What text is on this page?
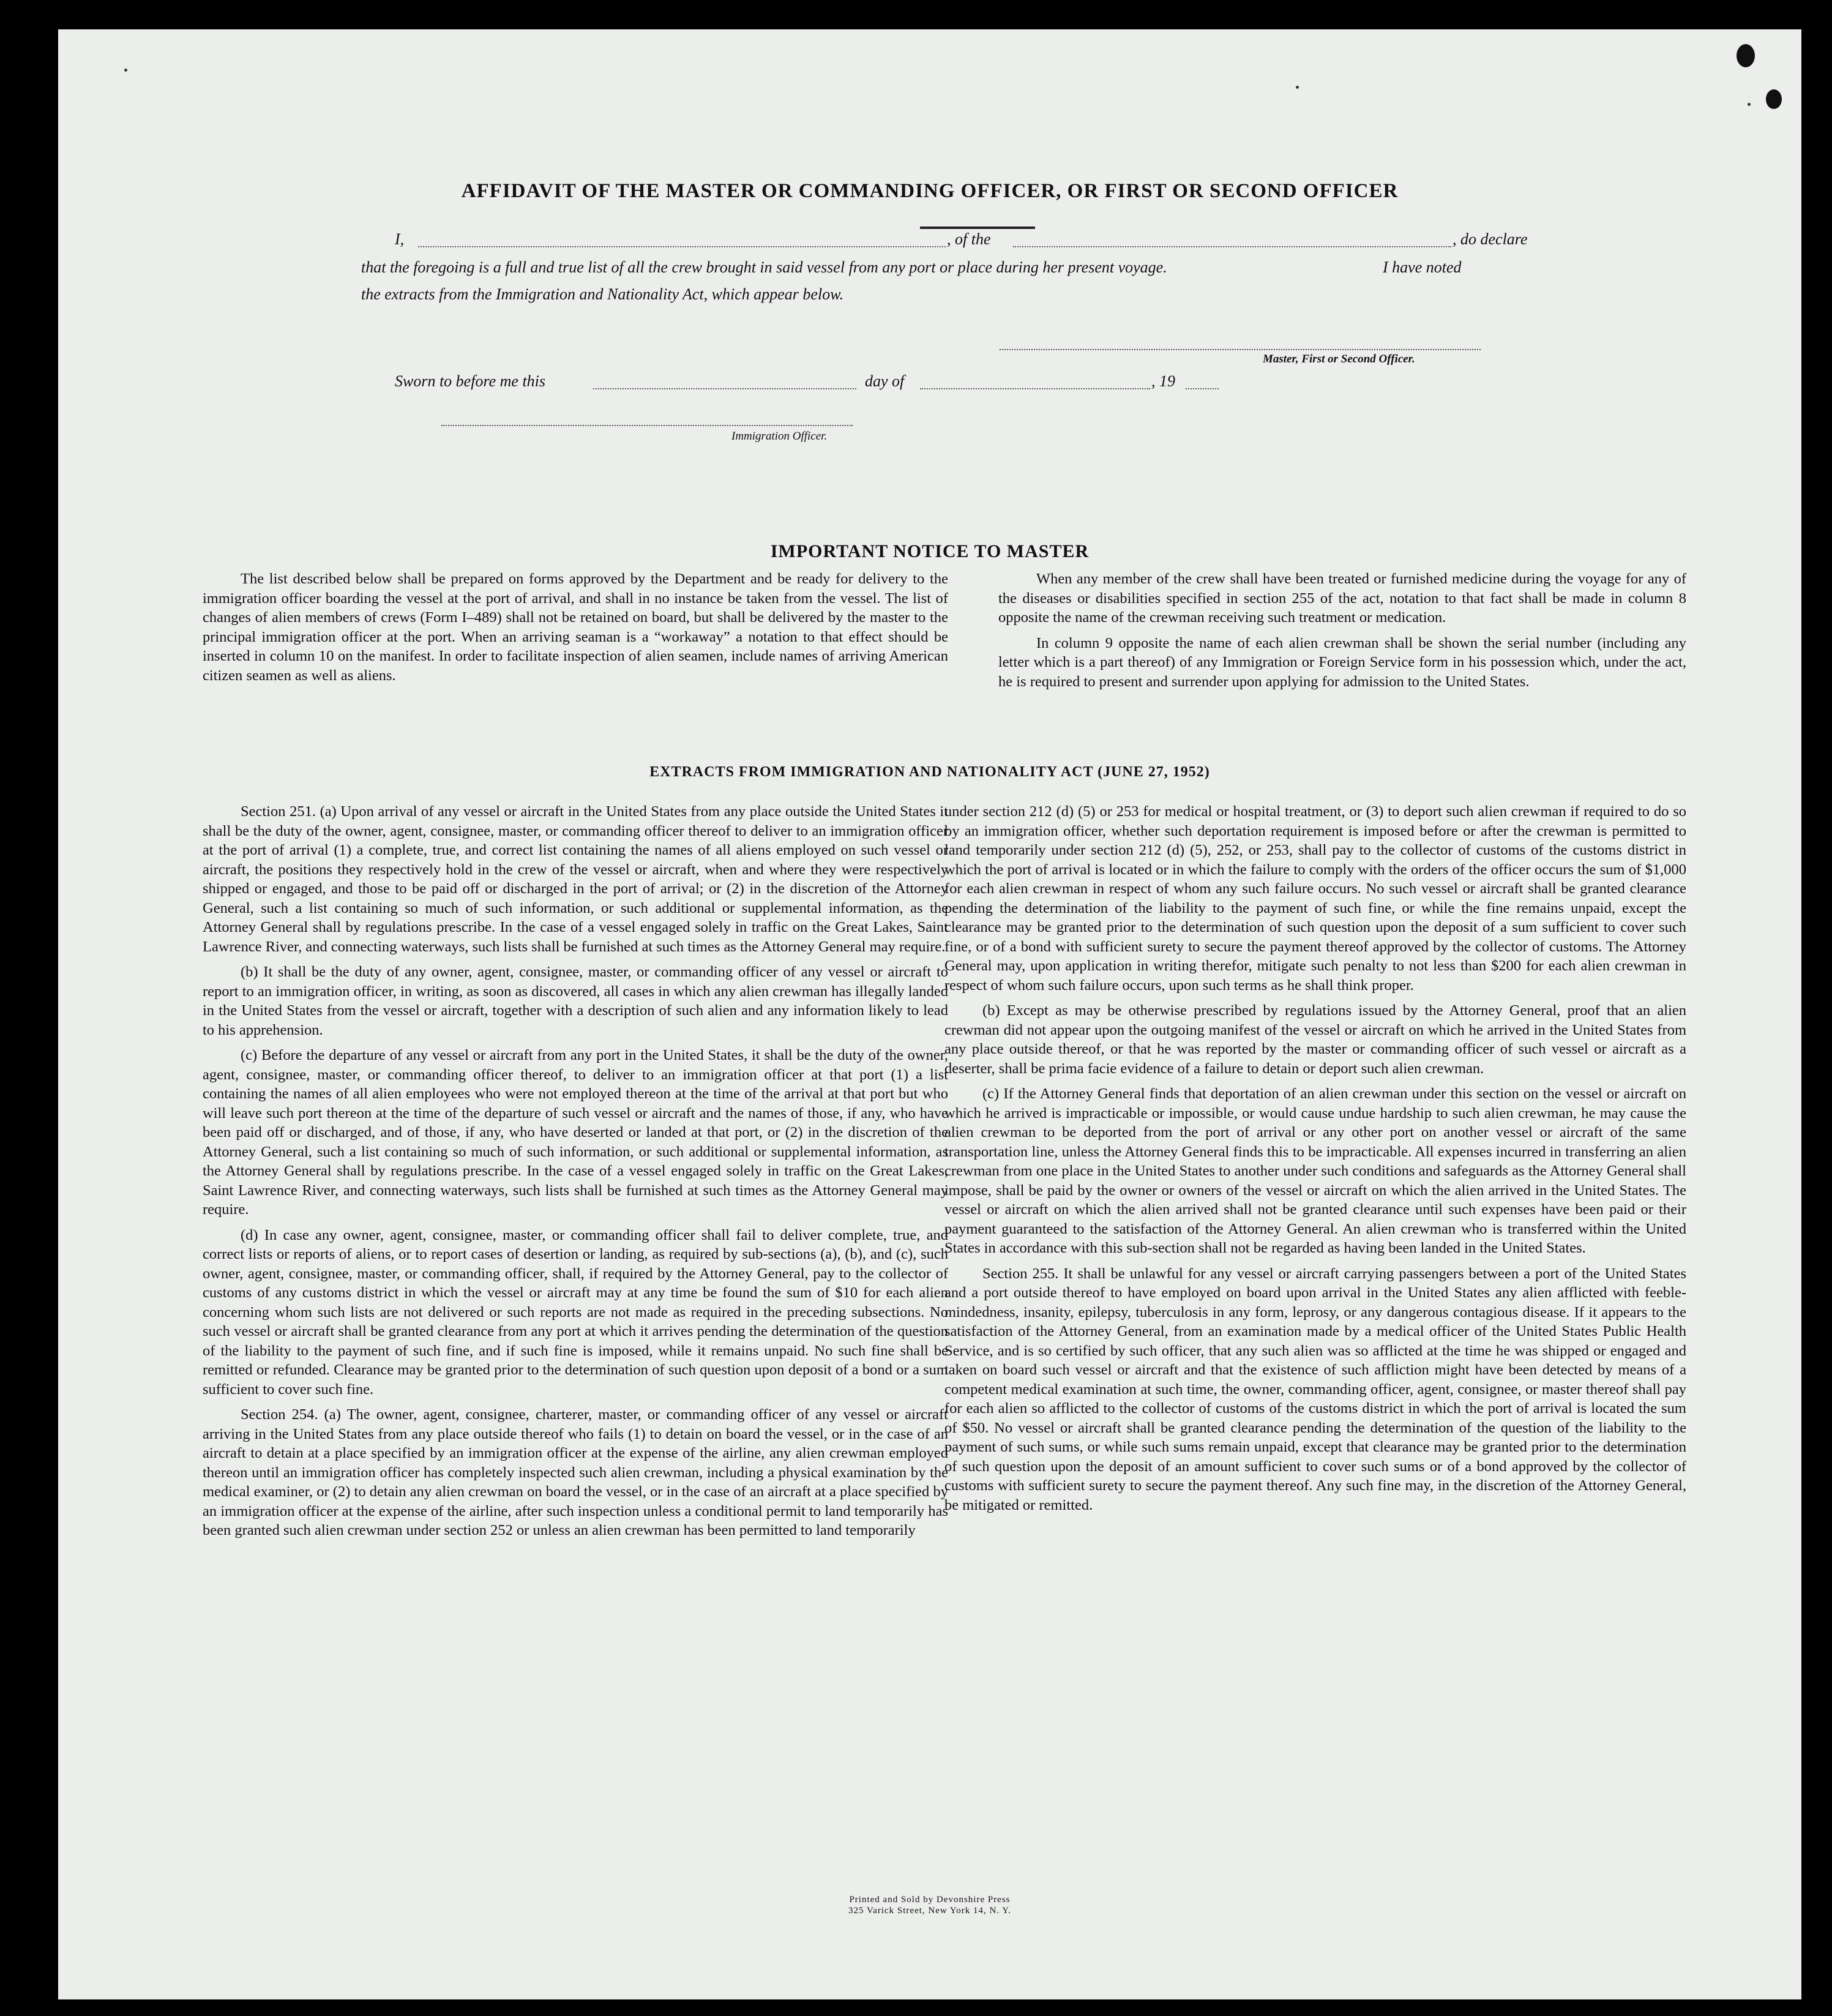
AFFIDAVIT OF THE MASTER OR COMMANDING OFFICER, OR FIRST OR SECOND OFFICER
I,	, of the	, do declare
that the foregoing is a full and true list of all the crew brought in said vessel from any port or place during her present voyage.	I have noted
the extracts from the Immigration and Nationality Act, which appear below.
Master, First or Second Officer.
Sworn to before me this	day of	, 19
Immigration Officer.
IMPORTANT NOTICE TO MASTER

The list described below shall be prepared on forms approved by the Department and be ready for delivery to the immigration officer boarding the vessel at the port of arrival, and shall in no instance be taken from the vessel. The list of changes of alien members of crews (Form I–489) shall not be retained on board, but shall be delivered by the master to the principal immigration officer at the port. When an arriving seaman is a “workaway” a notation to that effect should be inserted in column 10 on the manifest. In order to facilitate inspection of alien seamen, include names of arriving American citizen seamen as well as aliens.

When any member of the crew shall have been treated or furnished medicine during the voyage for any of the diseases or disabilities specified in section 255 of the act, notation to that fact shall be made in column 8 opposite the name of the crewman receiving such treatment or medication.

In column 9 opposite the name of each alien crewman shall be shown the serial number (including any letter which is a part thereof) of any Immigration or Foreign Service form in his possession which, under the act, he is required to present and surrender upon applying for admission to the United States.

EXTRACTS FROM IMMIGRATION AND NATIONALITY ACT (JUNE 27, 1952)

Section 251. (a) Upon arrival of any vessel or aircraft in the United States from any place outside the United States it shall be the duty of the owner, agent, consignee, master, or commanding officer thereof to deliver to an immigration officer at the port of arrival (1) a complete, true, and correct list containing the names of all aliens employed on such vessel or aircraft, the positions they respectively hold in the crew of the vessel or aircraft, when and where they were respectively shipped or engaged, and those to be paid off or discharged in the port of arrival; or (2) in the discretion of the Attorney General, such a list containing so much of such information, or such additional or supplemental information, as the Attorney General shall by regulations prescribe. In the case of a vessel engaged solely in traffic on the Great Lakes, Saint Lawrence River, and connecting waterways, such lists shall be furnished at such times as the Attorney General may require.

(b) It shall be the duty of any owner, agent, consignee, master, or commanding officer of any vessel or aircraft to report to an immigration officer, in writing, as soon as discovered, all cases in which any alien crewman has illegally landed in the United States from the vessel or aircraft, together with a description of such alien and any information likely to lead to his apprehension.

(c) Before the departure of any vessel or aircraft from any port in the United States, it shall be the duty of the owner, agent, consignee, master, or commanding officer thereof, to deliver to an immigration officer at that port (1) a list containing the names of all alien employees who were not employed thereon at the time of the arrival at that port but who will leave such port thereon at the time of the departure of such vessel or aircraft and the names of those, if any, who have been paid off or discharged, and of those, if any, who have deserted or landed at that port, or (2) in the discretion of the Attorney General, such a list containing so much of such information, or such additional or supplemental information, as the Attorney General shall by regulations prescribe. In the case of a vessel engaged solely in traffic on the Great Lakes, Saint Lawrence River, and connecting waterways, such lists shall be furnished at such times as the Attorney General may require.

(d) In case any owner, agent, consignee, master, or commanding officer shall fail to deliver complete, true, and correct lists or reports of aliens, or to report cases of desertion or landing, as required by sub-sections (a), (b), and (c), such owner, agent, consignee, master, or commanding officer, shall, if required by the Attorney General, pay to the collector of customs of any customs district in which the vessel or aircraft may at any time be found the sum of $10 for each alien concerning whom such lists are not delivered or such reports are not made as required in the preceding subsections. No such vessel or aircraft shall be granted clearance from any port at which it arrives pending the determination of the question of the liability to the payment of such fine, and if such fine is imposed, while it remains unpaid. No such fine shall be remitted or refunded. Clearance may be granted prior to the determination of such question upon deposit of a bond or a sum sufficient to cover such fine.

Section 254. (a) The owner, agent, consignee, charterer, master, or commanding officer of any vessel or aircraft arriving in the United States from any place outside thereof who fails (1) to detain on board the vessel, or in the case of an aircraft to detain at a place specified by an immigration officer at the expense of the airline, any alien crewman employed thereon until an immigration officer has completely inspected such alien crewman, including a physical examination by the medical examiner, or (2) to detain any alien crewman on board the vessel, or in the case of an aircraft at a place specified by an immigration officer at the expense of the airline, after such inspection unless a conditional permit to land temporarily has been granted such alien crewman under section 252 or unless an alien crewman has been permitted to land temporarily

under section 212 (d) (5) or 253 for medical or hospital treatment, or (3) to deport such alien crewman if required to do so by an immigration officer, whether such deportation requirement is imposed before or after the crewman is permitted to land temporarily under section 212 (d) (5), 252, or 253, shall pay to the collector of customs of the customs district in which the port of arrival is located or in which the failure to comply with the orders of the officer occurs the sum of $1,000 for each alien crewman in respect of whom any such failure occurs. No such vessel or aircraft shall be granted clearance pending the determination of the liability to the payment of such fine, or while the fine remains unpaid, except the clearance may be granted prior to the determination of such question upon the deposit of a sum sufficient to cover such fine, or of a bond with sufficient surety to secure the payment thereof approved by the collector of customs. The Attorney General may, upon application in writing therefor, mitigate such penalty to not less than $200 for each alien crewman in respect of whom such failure occurs, upon such terms as he shall think proper.

(b) Except as may be otherwise prescribed by regulations issued by the Attorney General, proof that an alien crewman did not appear upon the outgoing manifest of the vessel or aircraft on which he arrived in the United States from any place outside thereof, or that he was reported by the master or commanding officer of such vessel or aircraft as a deserter, shall be prima facie evidence of a failure to detain or deport such alien crewman.

(c) If the Attorney General finds that deportation of an alien crewman under this section on the vessel or aircraft on which he arrived is impracticable or impossible, or would cause undue hardship to such alien crewman, he may cause the alien crewman to be deported from the port of arrival or any other port on another vessel or aircraft of the same transportation line, unless the Attorney General finds this to be impracticable. All expenses incurred in transferring an alien crewman from one place in the United States to another under such conditions and safeguards as the Attorney General shall impose, shall be paid by the owner or owners of the vessel or aircraft on which the alien arrived in the United States. The vessel or aircraft on which the alien arrived shall not be granted clearance until such expenses have been paid or their payment guaranteed to the satisfaction of the Attorney General. An alien crewman who is transferred within the United States in accordance with this sub-section shall not be regarded as having been landed in the United States.

Section 255. It shall be unlawful for any vessel or aircraft carrying passengers between a port of the United States and a port outside thereof to have employed on board upon arrival in the United States any alien afflicted with feeble-mindedness, insanity, epilepsy, tuberculosis in any form, leprosy, or any dangerous contagious disease. If it appears to the satisfaction of the Attorney General, from an examination made by a medical officer of the United States Public Health Service, and is so certified by such officer, that any such alien was so afflicted at the time he was shipped or engaged and taken on board such vessel or aircraft and that the existence of such affliction might have been detected by means of a competent medical examination at such time, the owner, commanding officer, agent, consignee, or master thereof shall pay for each alien so afflicted to the collector of customs of the customs district in which the port of arrival is located the sum of $50. No vessel or aircraft shall be granted clearance pending the determination of the question of the liability to the payment of such sums, or while such sums remain unpaid, except that clearance may be granted prior to the determination of such question upon the deposit of an amount sufficient to cover such sums or of a bond approved by the collector of customs with sufficient surety to secure the payment thereof. Any such fine may, in the discretion of the Attorney General, be mitigated or remitted.

Printed and Sold by Devonshire Press
325 Varick Street, New York 14, N. Y.
